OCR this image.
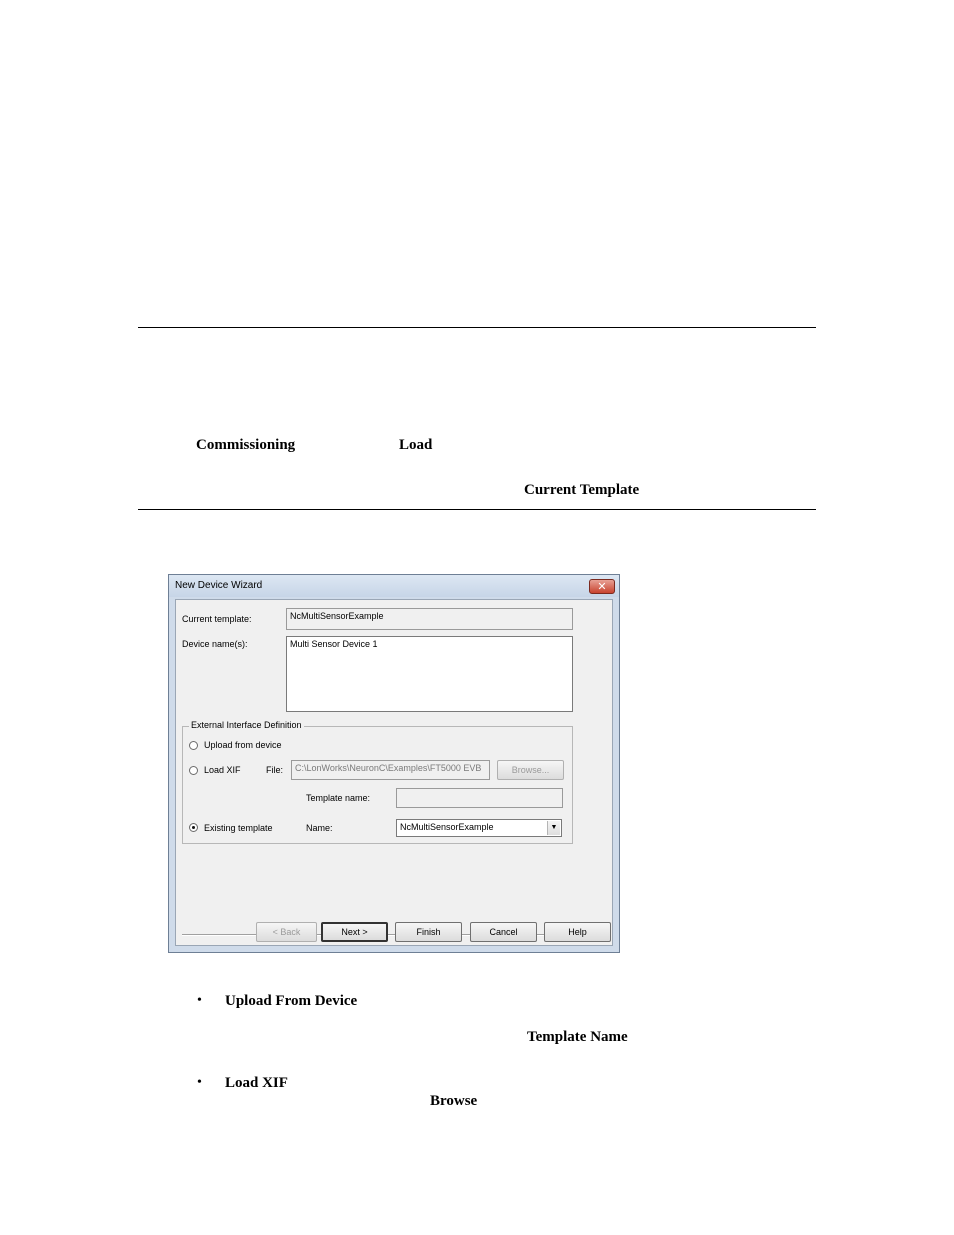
Commissioning	Load
Current Template
New Device Wizard	✕
Current template:	NcMultiSensorExample
Device name(s):	Multi Sensor Device 1
External Interface Definition
Upload from device
Load XIF	File:	C:\LonWorks\NeuronC\Examples\FT5000 EVB	Browse...
Template name:
Existing template	Name:	NcMultiSensorExample	▼
< Back	Next >	Finish	Cancel	Help
• Upload From Device
Template Name
• Load XIF
Browse
